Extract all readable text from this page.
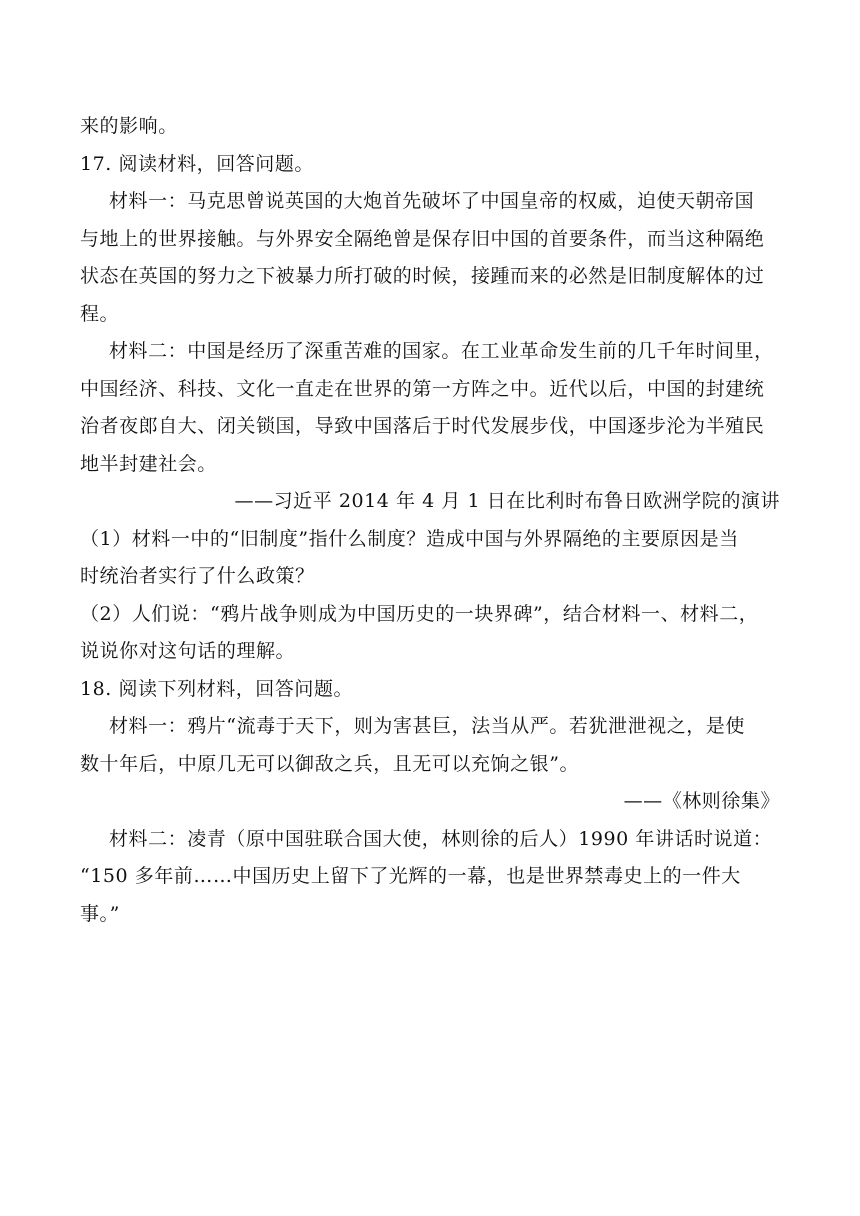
来的影响。
17. 阅读材料，回答问题。
材料一：马克思曾说英国的大炮首先破坏了中国皇帝的权威，迫使天朝帝国
与地上的世界接触。与外界安全隔绝曾是保存旧中国的首要条件，而当这种隔绝
状态在英国的努力之下被暴力所打破的时候，接踵而来的必然是旧制度解体的过
程。
材料二：中国是经历了深重苦难的国家。在工业革命发生前的几千年时间里，
中国经济、科技、文化一直走在世界的第一方阵之中。近代以后，中国的封建统
治者夜郎自大、闭关锁国，导致中国落后于时代发展步伐，中国逐步沦为半殖民
地半封建社会。
——习近平 2014 年 4 月 1 日在比利时布鲁日欧洲学院的演讲
（1）材料一中的“旧制度”指什么制度？造成中国与外界隔绝的主要原因是当
时统治者实行了什么政策？
（2）人们说：“鸦片战争则成为中国历史的一块界碑”，结合材料一、材料二，
说说你对这句话的理解。
18. 阅读下列材料，回答问题。
材料一：鸦片“流毒于天下，则为害甚巨，法当从严。若犹泄泄视之，是使
数十年后，中原几无可以御敌之兵，且无可以充饷之银”。
——《林则徐集》
材料二：凌青（原中国驻联合国大使，林则徐的后人）1990 年讲话时说道：
“150 多年前……中国历史上留下了光辉的一幕，也是世界禁毒史上的一件大
事。”
